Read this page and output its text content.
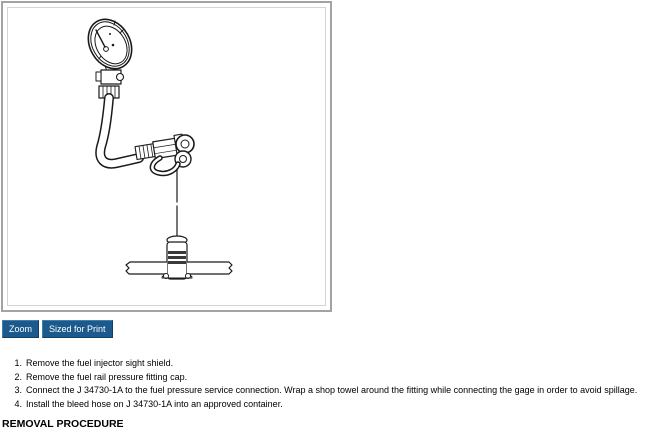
Zoom	Sized for Print
1. Remove the fuel injector sight shield.
2. Remove the fuel rail pressure fitting cap.
3. Connect the J 34730-1A to the fuel pressure service connection. Wrap a shop towel around the fitting while connecting the gage in order to avoid spillage.
4. Install the bleed hose on J 34730-1A into an approved container.
REMOVAL PROCEDURE
